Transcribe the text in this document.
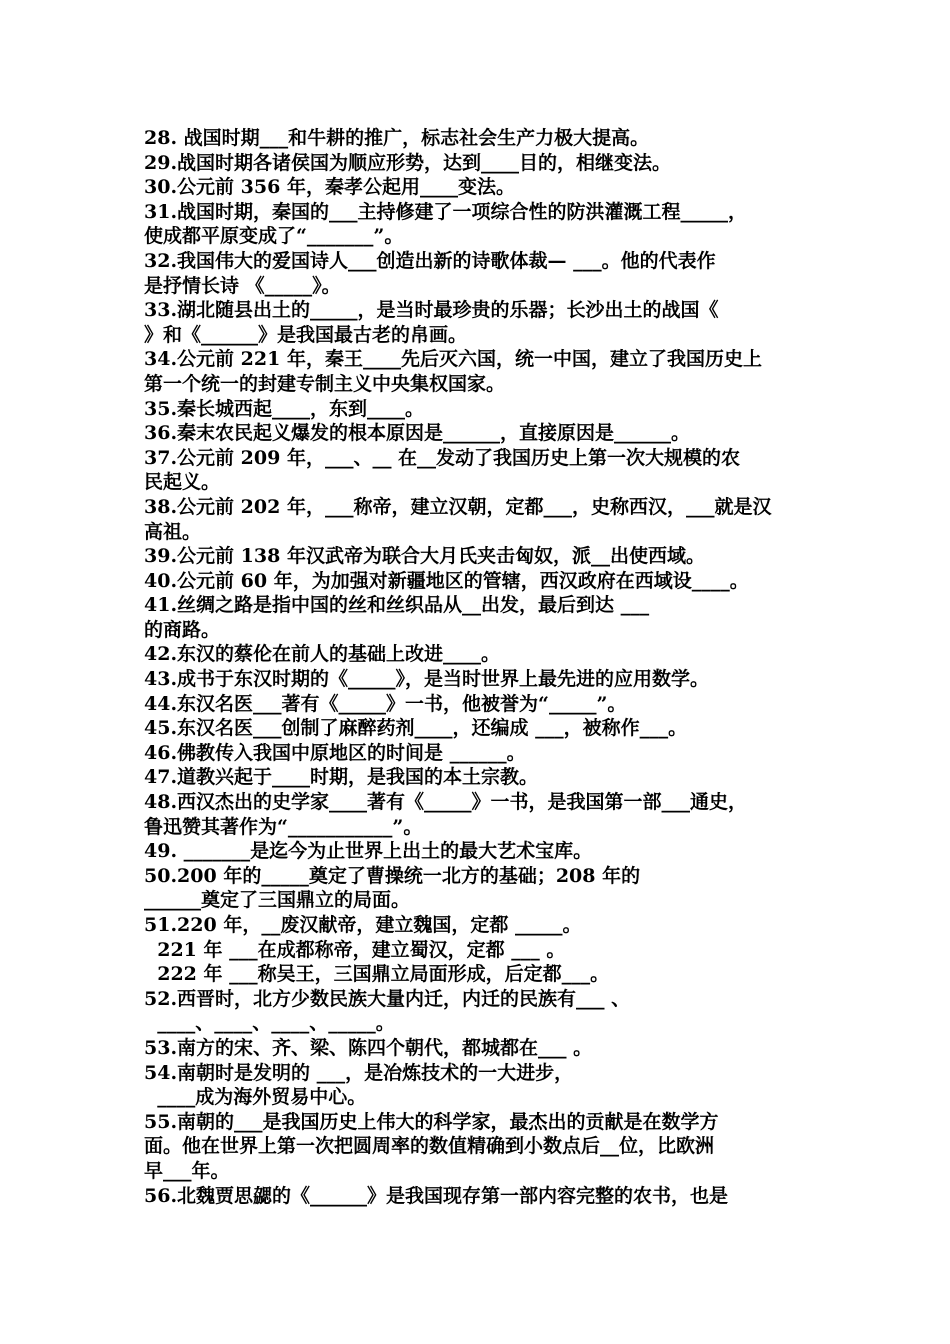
28. 战国时期___和牛耕的推广，标志社会生产力极大提高。
29.战国时期各诸侯国为顺应形势，达到____目的，相继变法。
30.公元前 356 年，秦孝公起用____变法。
31.战国时期，秦国的___主持修建了一项综合性的防洪灌溉工程_____，
使成都平原变成了“_______”。
32.我国伟大的爱国诗人___创造出新的诗歌体裁— ___。他的代表作
是抒情长诗 《_____》。
33.湖北随县出土的_____，是当时最珍贵的乐器；长沙出土的战国《
》和《______》是我国最古老的帛画。
34.公元前 221 年，秦王____先后灭六国，统一中国，建立了我国历史上
第一个统一的封建专制主义中央集权国家。
35.秦长城西起____，东到____。
36.秦末农民起义爆发的根本原因是______，直接原因是______。
37.公元前 209 年，___、__ 在__发动了我国历史上第一次大规模的农
民起义。
38.公元前 202 年，___称帝，建立汉朝，定都___，史称西汉，___就是汉
高祖。
39.公元前 138 年汉武帝为联合大月氏夹击匈奴，派__出使西域。
40.公元前 60 年，为加强对新疆地区的管辖，西汉政府在西域设____。
41.丝绸之路是指中国的丝和丝织品从__出发，最后到达 ___
的商路。
42.东汉的蔡伦在前人的基础上改进____。
43.成书于东汉时期的《_____》，是当时世界上最先进的应用数学。
44.东汉名医___著有《_____》一书，他被誉为“_____”。
45.东汉名医___创制了麻醉药剂____，还编成 ___，被称作___。
46.佛教传入我国中原地区的时间是 ______。
47.道教兴起于____时期，是我国的本土宗教。
48.西汉杰出的史学家____著有《_____》一书，是我国第一部___通史，
鲁迅赞其著作为“___________”。
49. _______是迄今为止世界上出土的最大艺术宝库。
50.200 年的_____奠定了曹操统一北方的基础；208 年的
______奠定了三国鼎立的局面。
51.220 年，__废汉献帝，建立魏国，定都 _____。
221 年 ___在成都称帝，建立蜀汉，定都 ___ 。
222 年 ___称吴王，三国鼎立局面形成，后定都___。
52.西晋时，北方少数民族大量内迁，内迁的民族有___ 、
____、____、____、_____。
53.南方的宋、齐、梁、陈四个朝代，都城都在___ 。
54.南朝时是发明的 ___，是冶炼技术的一大进步，
____成为海外贸易中心。
55.南朝的___是我国历史上伟大的科学家，最杰出的贡献是在数学方
面。他在世界上第一次把圆周率的数值精确到小数点后__位，比欧洲
早___年。
56.北魏贾思勰的《______》是我国现存第一部内容完整的农书，也是
